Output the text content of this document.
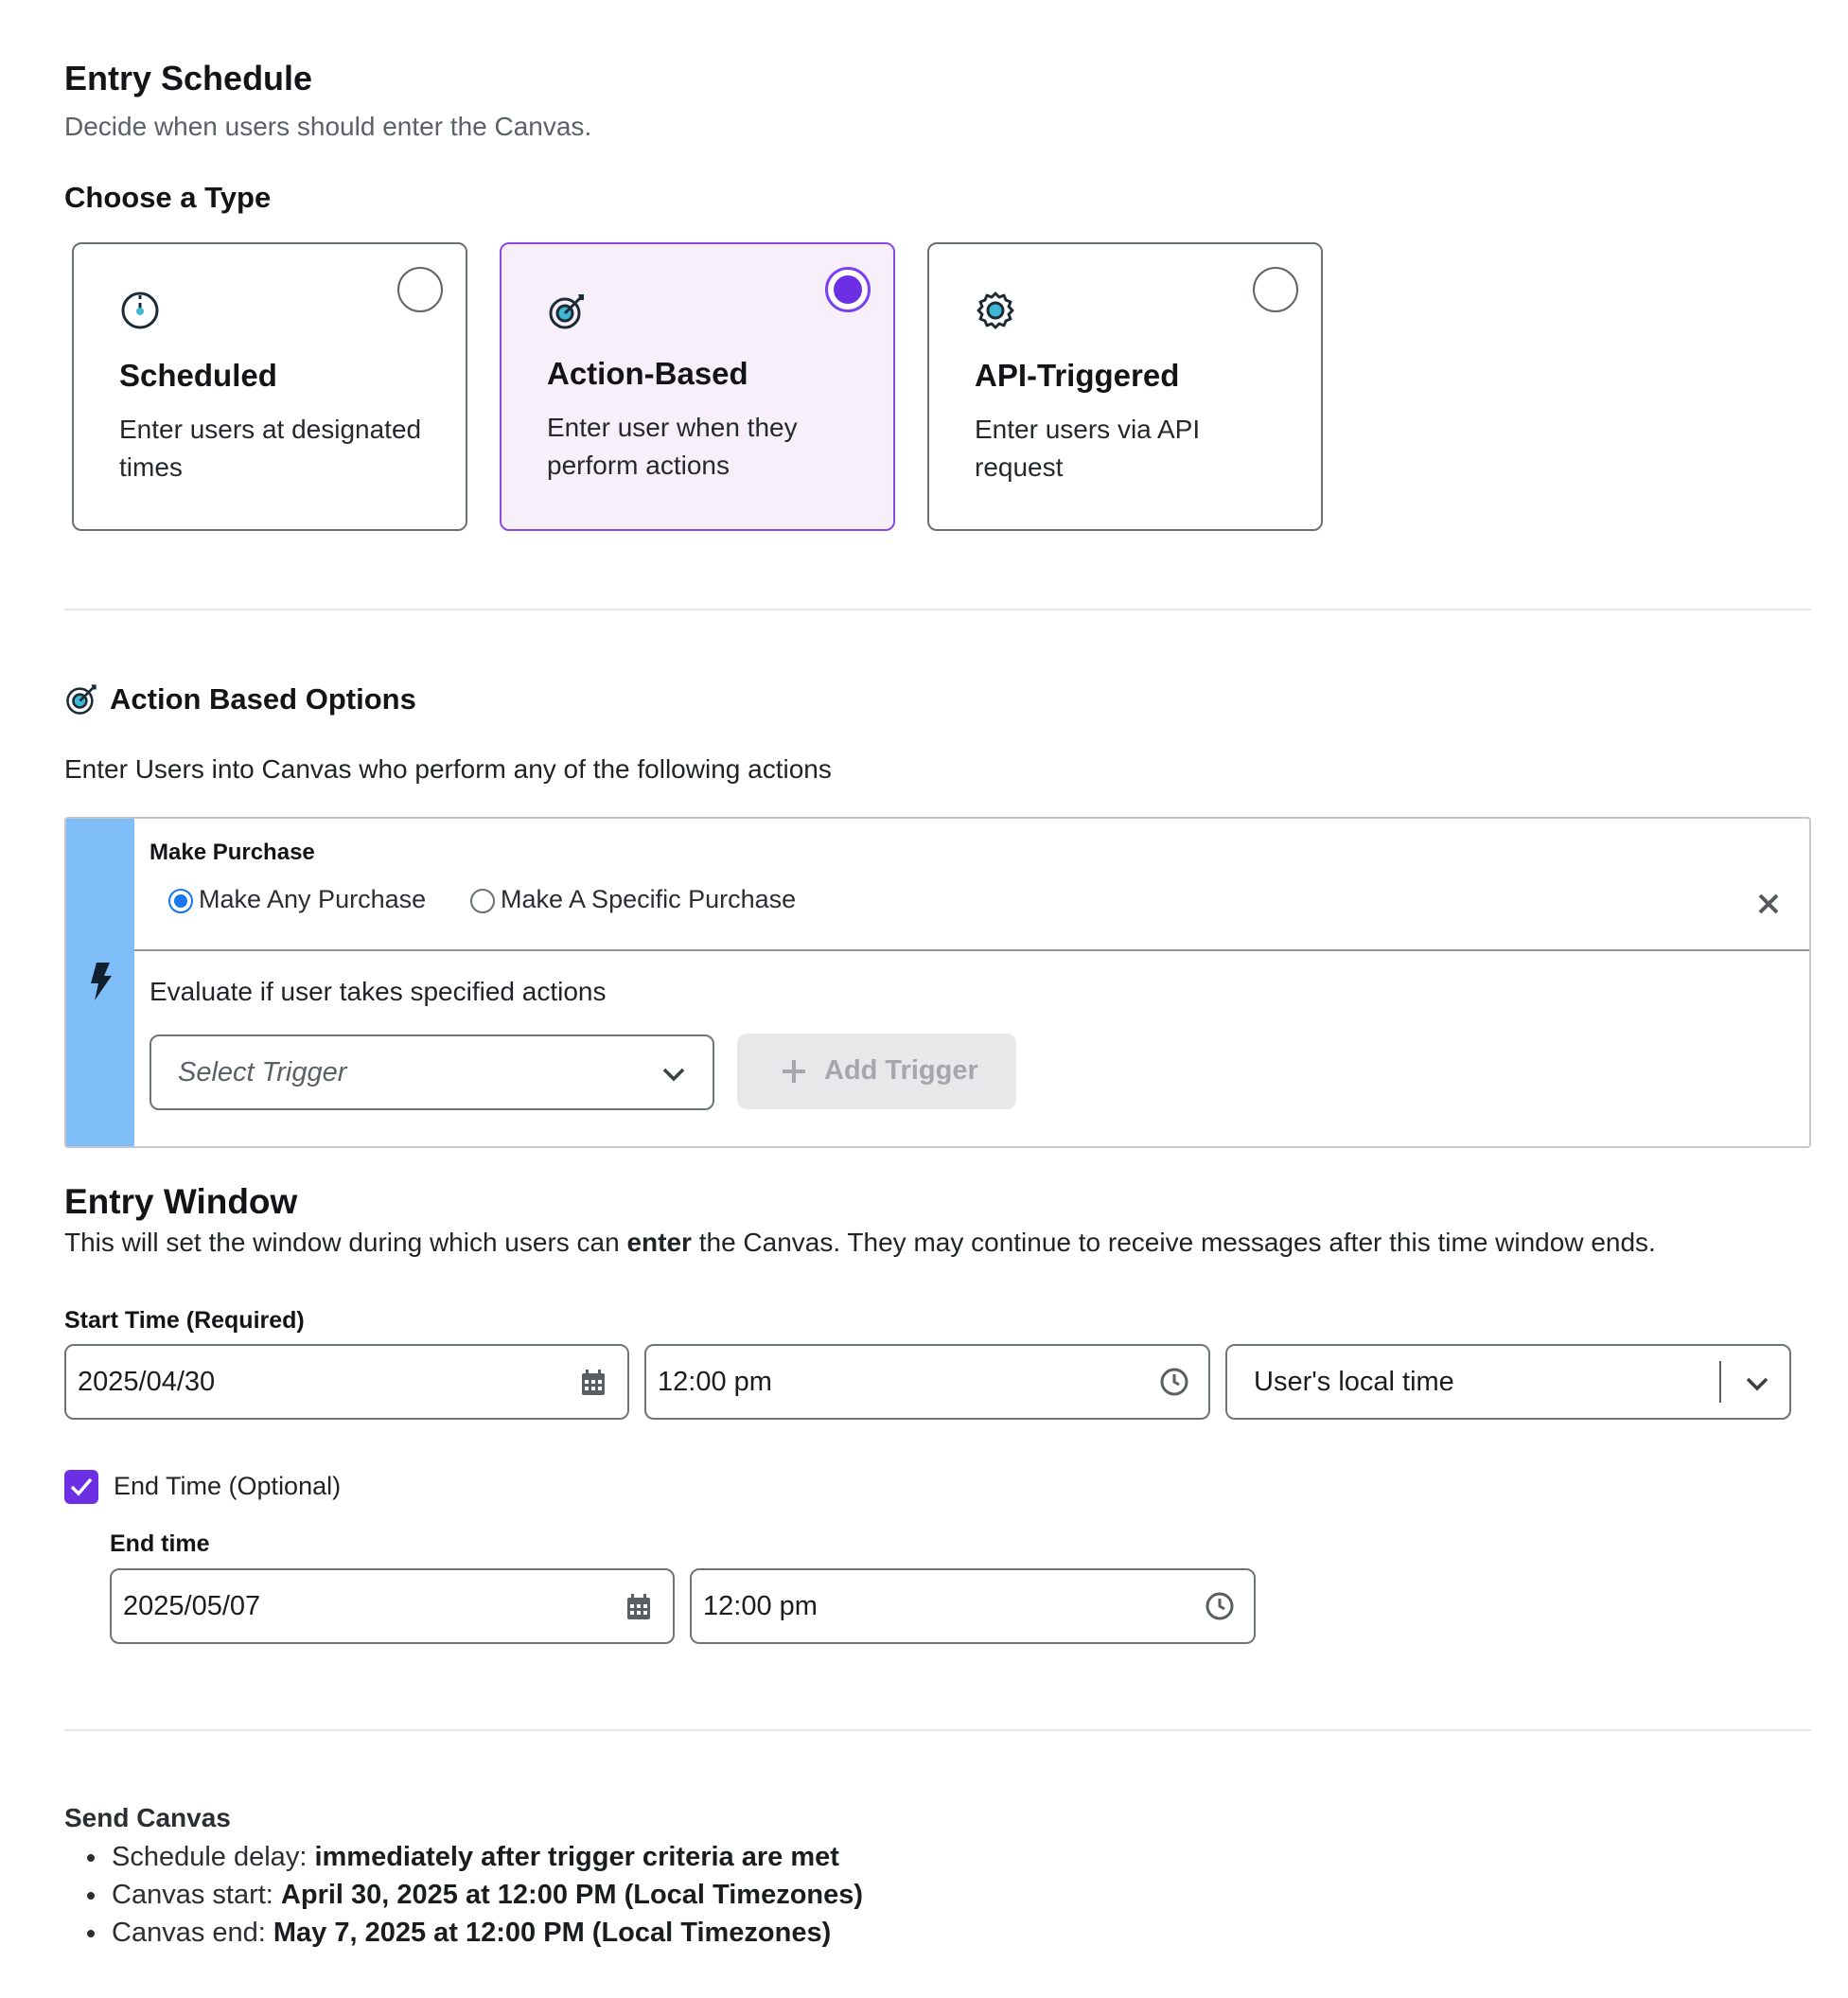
Entry Schedule
Decide when users should enter the Canvas.
Choose a Type
Scheduled
Enter users at designated times
Action-Based
Enter user when they perform actions
API-Triggered
Enter users via API request
Action Based Options
Enter Users into Canvas who perform any of the following actions
Make Purchase
Make Any Purchase	Make A Specific Purchase
Evaluate if user takes specified actions
Select Trigger	Add Trigger
Entry Window
This will set the window during which users can enter the Canvas. They may continue to receive messages after this time window ends.
Start Time (Required)
2025/04/30	12:00 pm	User's local time
End Time (Optional)
End time
2025/05/07	12:00 pm
Send Canvas
Schedule delay: immediately after trigger criteria are met
Canvas start: April 30, 2025 at 12:00 PM (Local Timezones)
Canvas end: May 7, 2025 at 12:00 PM (Local Timezones)
